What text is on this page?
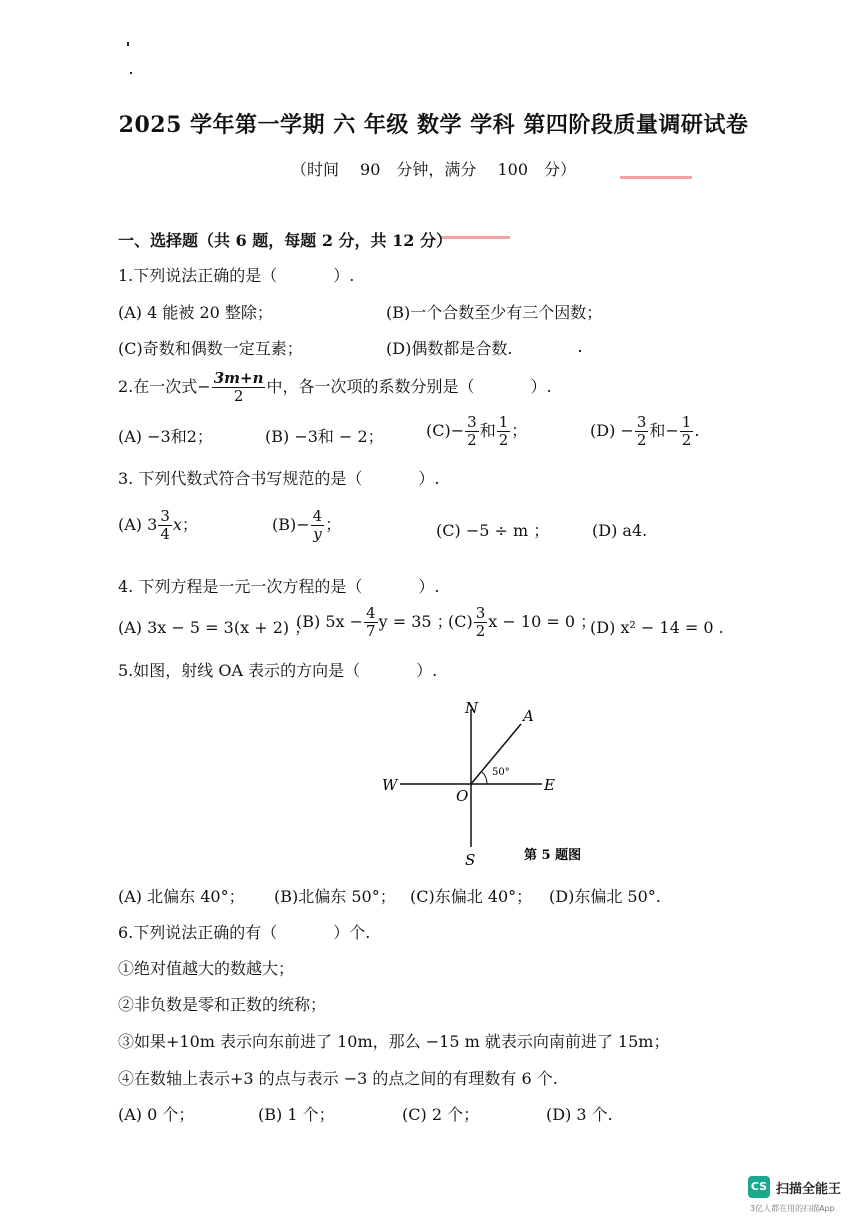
2025 学年第一学期 六 年级 数学 学科 第四阶段质量调研试卷
（时间　 90　分钟，满分　 100　分）
一、选择题（共 6 题，每题 2 分，共 12 分）
1.下列说法正确的是（	）.
(A) 4 能被 20 整除；	(B)一个合数至少有三个因数；
(C)奇数和偶数一定互素；	(D)偶数都是合数.
2.在一次式− $\frac{3m+n}{2}$ 中，各一次项的系数分别是（	）.
(A) −3和2；	(B) −3和 − 2；	$(C)- \frac{3}{2}$ 和 $\frac{1}{2}$ ；	$(D) - \frac{3}{2}$ 和− $\frac{1}{2}$ .
3. 下列代数式符合书写规范的是（	）.
(A) $3 \frac{3}{4}$ x；	$(B)- \frac{4}{y}$ ；	(C) −5 ÷ m ；	(D) a4.
4. 下列方程是一元一次方程的是（	）.
(A) 3x − 5 = 3(x + 2) ；
(B) $5x - \frac{4}{7}$ y = 35 ；
$(C) \frac{3}{2}$ x − 10 = 0 ；
(D) x² − 14 = 0 .
5.如图，射线 OA 表示的方向是（	）.
N
S
W	E
O
A
50°
第 5 题图
(A) 北偏东 40°； (B)北偏东 50°； (C)东偏北 40°； (D)东偏北 50°.
6.下列说法正确的有（	）个.
①绝对值越大的数越大；
②非负数是零和正数的统称；
③如果+10m 表示向东前进了 10m，那么 −15 m 就表示向南前进了 15m；
④在数轴上表示+3 的点与表示 −3 的点之间的有理数有 6 个.
(A) 0 个；	(B) 1 个；	(C) 2 个；	(D) 3 个.
CS 扫描全能王
3亿人都在用的扫描App
